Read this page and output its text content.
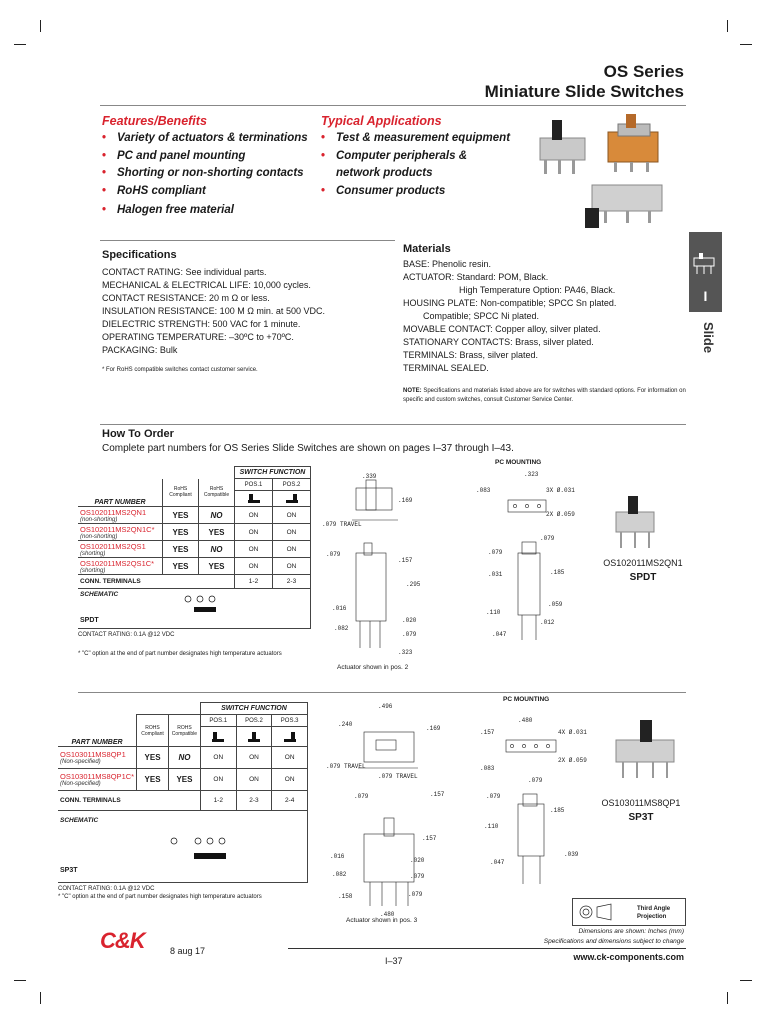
OS Series
Miniature Slide Switches
Features/Benefits
• Variety of actuators & terminations
• PC and panel mounting
• Shorting or non-shorting contacts
• RoHS compliant
• Halogen free material
Typical Applications
• Test & measurement equipment
• Computer peripherals & network products
• Consumer products
Specifications

CONTACT RATING: See individual parts.

MECHANICAL & ELECTRICAL LIFE: 10,000 cycles.

CONTACT RESISTANCE: 20 m Ω or less.

INSULATION RESISTANCE: 100 M Ω min. at 500 VDC.

DIELECTRIC STRENGTH: 500 VAC for 1 minute.

OPERATING TEMPERATURE: –30ºC to +70ºC.

PACKAGING: Bulk

* For RoHS compatible switches contact customer service.
Materials

BASE: Phenolic resin.

ACTUATOR: Standard: POM, Black.

High Temperature Option: PA46, Black.

HOUSING PLATE: Non-compatible; SPCC Sn plated.

Compatible; SPCC Ni plated.

MOVABLE CONTACT: Copper alloy, silver plated.

STATIONARY CONTACTS: Brass, silver plated.

TERMINALS: Brass, silver plated.

TERMINAL SEALED.

NOTE: Specifications and materials listed above are for switches with standard options. For information on specific and custom switches, consult Customer Service Center.
I
Slide
How To Order
Complete part numbers for OS Series Slide Switches are shown on pages I–37 through I–43.
			SWITCH FUNCTION	
PART NUMBER	RoHS Compliant	RoHS Compatible	POS.1	POS.2

OS102011MS2QN1
(non-shorting)	YES	NO	ON	ON
OS102011MS2QN1C*
(non-shorting)	YES	YES	ON	ON
OS102011MS2QS1
(shorting)	YES	NO	ON	ON
OS102011MS2QS1C*
(shorting)	YES	YES	ON	ON
CONN. TERMINALS			1-2	2-3

SCHEMATIC
SPDT				
CONTACT RATING: 0.1A @12 VDC
* "C" option at the end of part number designates high temperature actuators
.339
.169
.079 TRAVEL
.079
.157
.295
.016
.082
.020
.079
.323
.323
.083	3X Ø.031
2X Ø.059
.079
.079
.031	.185
.059
.110
.012
.047
PC MOUNTING
Actuator shown in pos. 2
OS102011MS2QN1
SPDT
			SWITCH FUNCTION		
PART NUMBER	ROHS Compliant	ROHS Compatible	POS.1	POS.2	POS.3

OS103011MS8QP1
(Non-specified)	YES	NO	ON	ON	ON
OS103011MS8QP1C*
(Non-specified)	YES	YES	ON	ON	ON
CONN. TERMINALS			1-2	2-3	2-4

SCHEMATIC
SP3T					
CONTACT RATING: 0.1A @12 VDC
* "C" option at the end of part number designates high temperature actuators
.496
.240
.169
.079 TRAVEL
.079 TRAVEL
.079	.157
.157
.016
.020
.082	.079
.158	.079
.480
.480
.157	4X Ø.031
2X Ø.059
.083
.079
.079
.185
.110
.039
.047
PC MOUNTING
Actuator shown in pos. 3
OS103011MS8QP1
SP3T
Third Angle
Projection
Dimensions are shown: Inches (mm)
Specifications and dimensions subject to change
C&K	8 aug 17
I–37	www.ck-components.com
